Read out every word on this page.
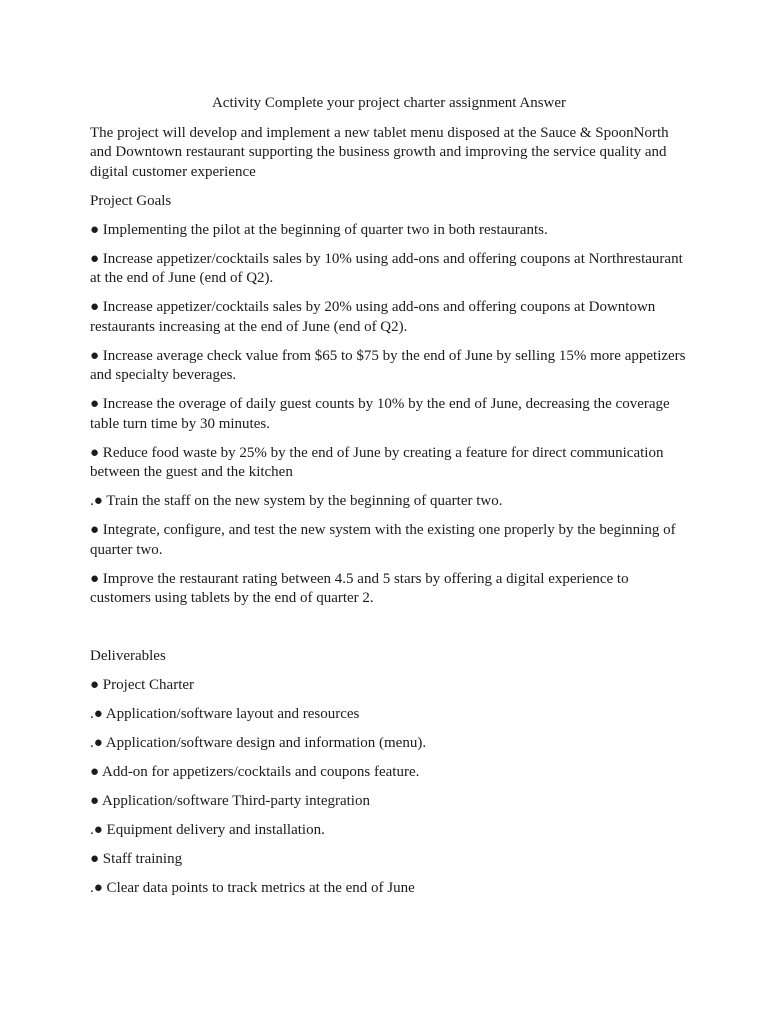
Activity Complete your project charter assignment Answer

The project will develop and implement a new tablet menu disposed at the Sauce & SpoonNorth and Downtown restaurant supporting the business growth and improving the service quality and digital customer experience

Project Goals
● Implementing the pilot at the beginning of quarter two in both restaurants.
● Increase appetizer/cocktails sales by 10% using add-ons and offering coupons at Northrestaurant at the end of June (end of Q2).
● Increase appetizer/cocktails sales by 20% using add-ons and offering coupons at Downtown restaurants increasing at the end of June (end of Q2).
● Increase average check value from $65 to $75 by the end of June by selling 15% more appetizers and specialty beverages.
● Increase the overage of daily guest counts by 10% by the end of June, decreasing the coverage table turn time by 30 minutes.
● Reduce food waste by 25% by the end of June by creating a feature for direct communication between the guest and the kitchen
.● Train the staff on the new system by the beginning of quarter two.
● Integrate, configure, and test the new system with the existing one properly by the beginning of quarter two.
● Improve the restaurant rating between 4.5 and 5 stars by offering a digital experience to customers using tablets by the end of quarter 2.
Deliverables
● Project Charter
.● Application/software layout and resources
.● Application/software design and information (menu).
● Add-on for appetizers/cocktails and coupons feature.
● Application/software Third-party integration
.● Equipment delivery and installation.
● Staff training
.● Clear data points to track metrics at the end of June
